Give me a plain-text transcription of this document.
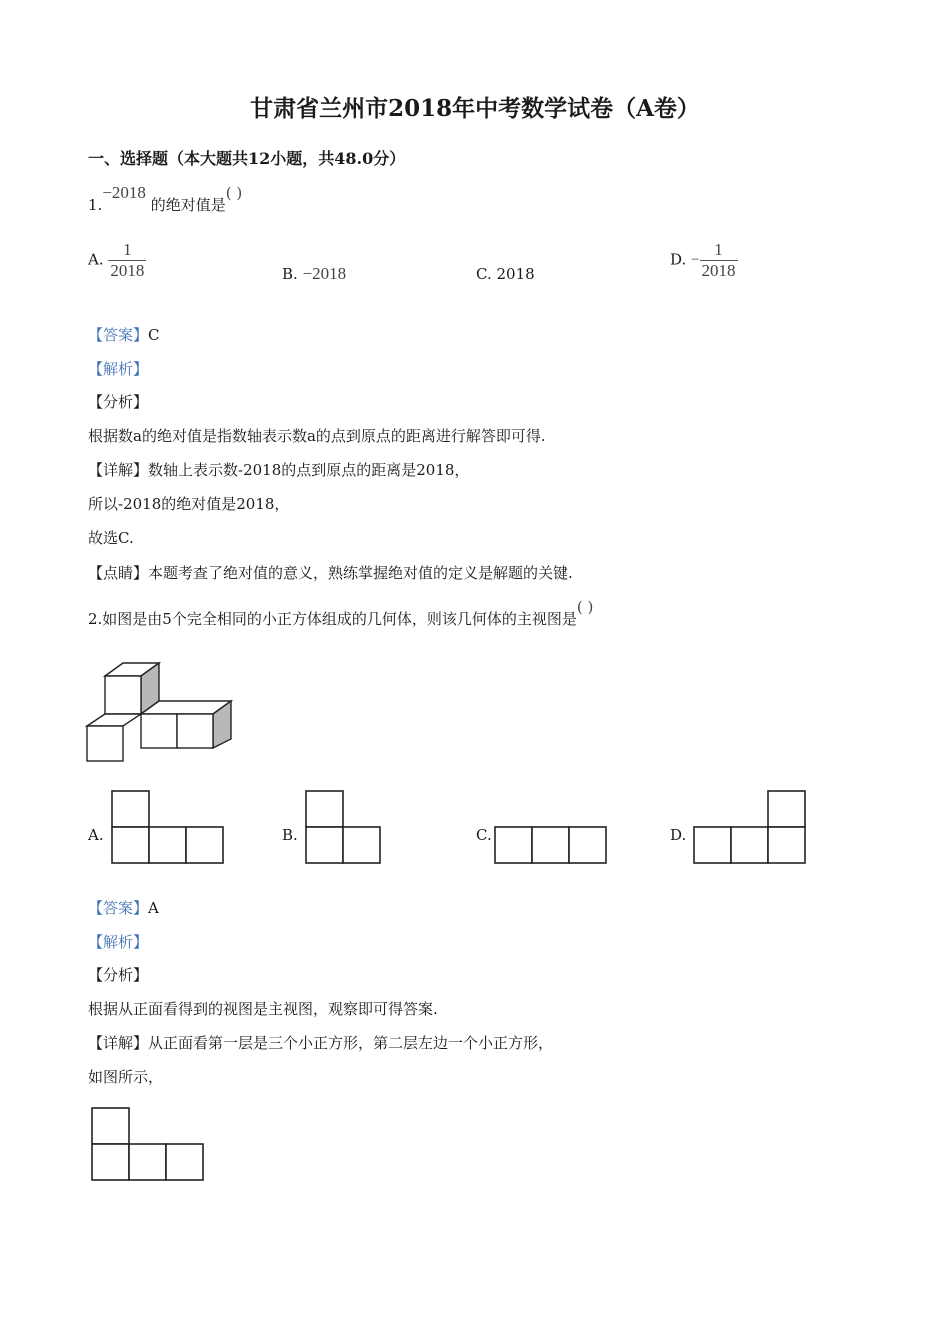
甘肃省兰州市2018年中考数学试卷（A卷）
一、选择题（本大题共12小题，共48.0分）
1.−2018 的绝对值是( )
A. $\frac{1}{2018}$	B. −2018	C. 2018
D. − $\frac{1}{2018}$
【答案】C
【解析】
【分析】
根据数a的绝对值是指数轴表示数a的点到原点的距离进行解答即可得.
【详解】数轴上表示数-2018的点到原点的距离是2018，
所以-2018的绝对值是2018，
故选C.
【点睛】本题考查了绝对值的意义，熟练掌握绝对值的定义是解题的关键.
2.如图是由5个完全相同的小正方体组成的几何体，则该几何体的主视图是( )
A.	B.	C.	D.
【答案】A
【解析】
【分析】
根据从正面看得到的视图是主视图，观察即可得答案.
【详解】从正面看第一层是三个小正方形，第二层左边一个小正方形，
如图所示，
